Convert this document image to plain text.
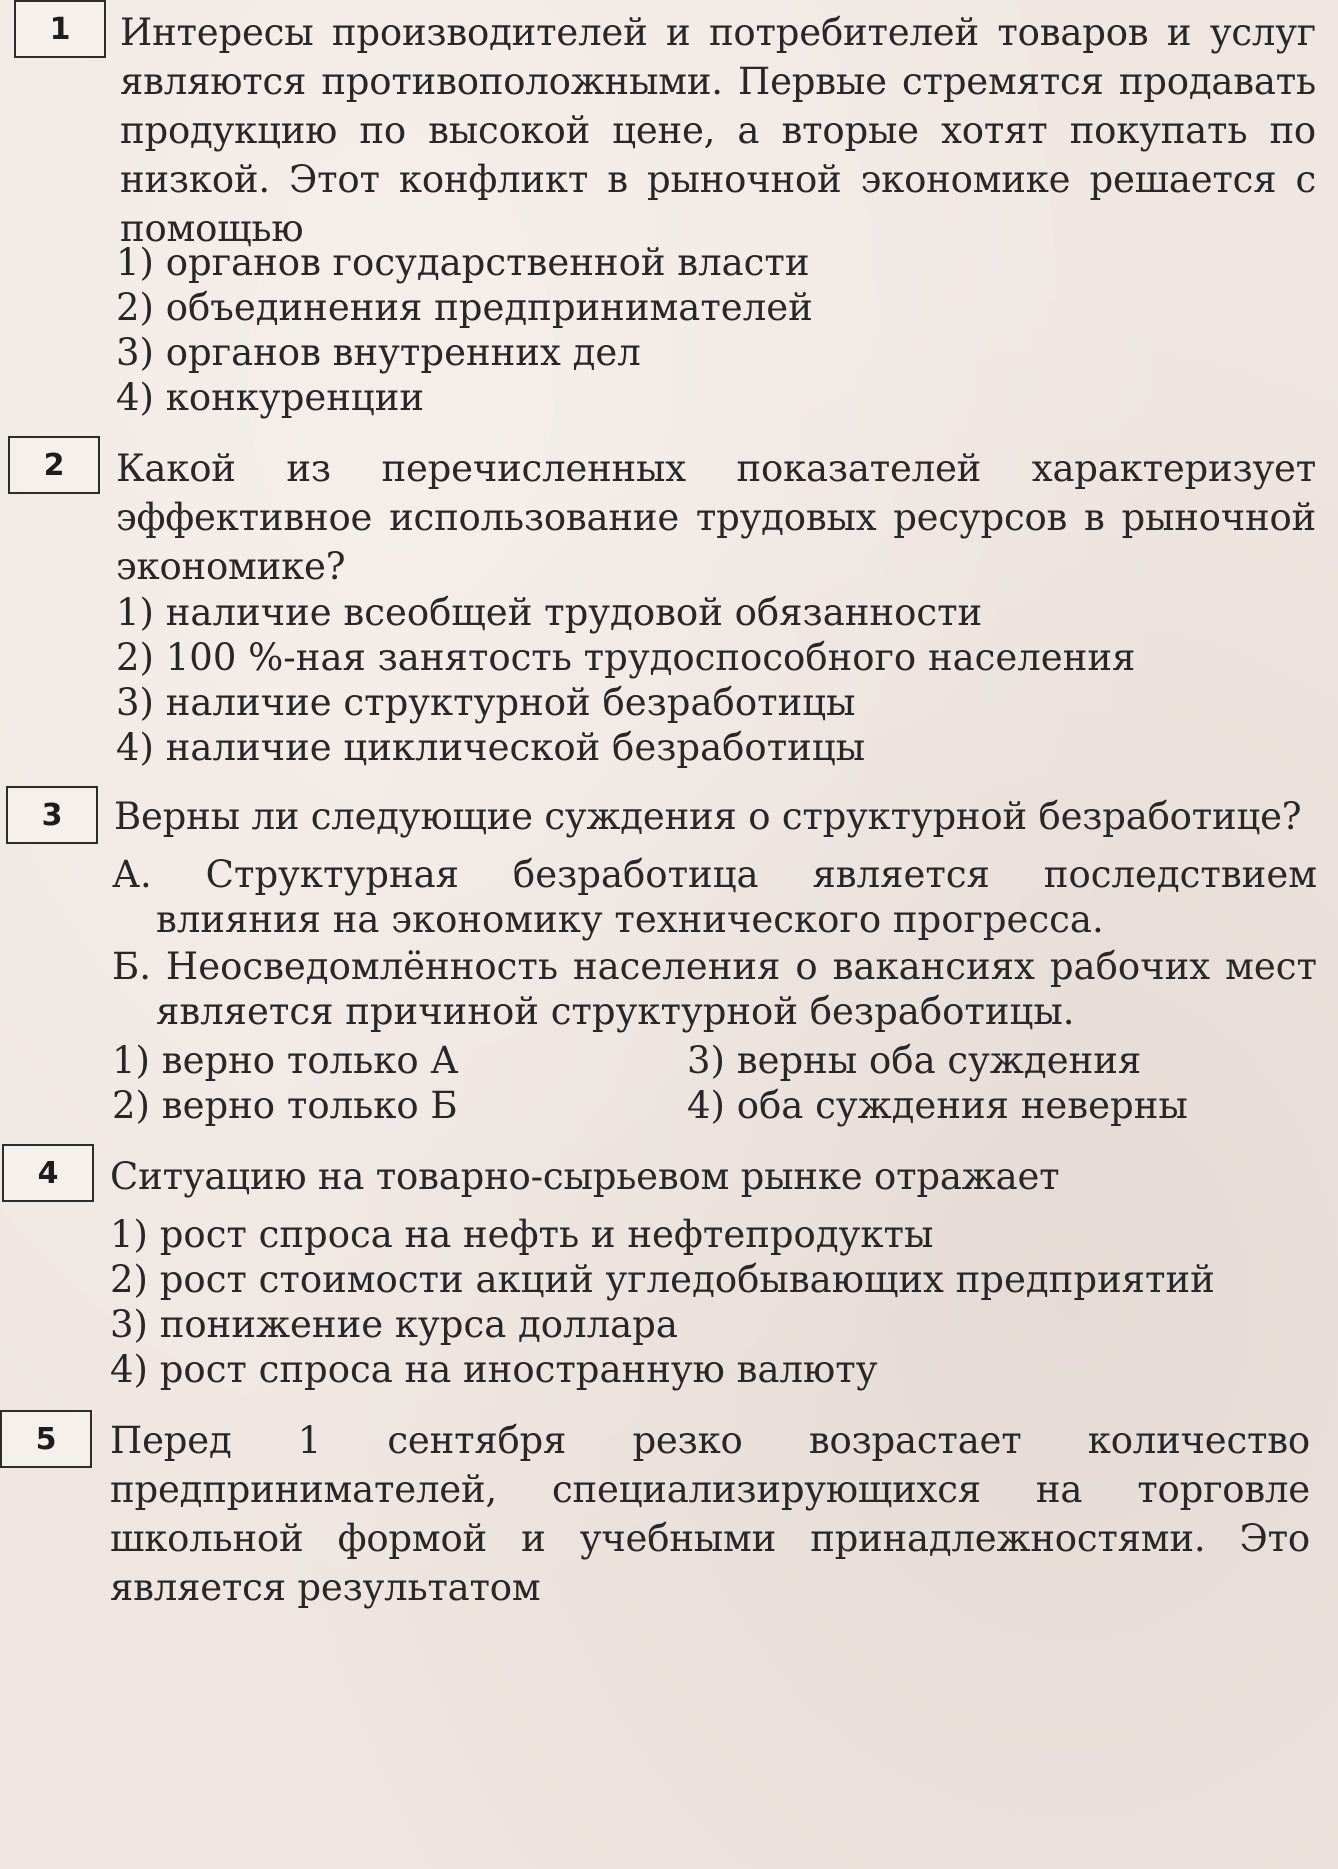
1	Интересы производителей и потребителей товаров и услуг являются противоположными. Первые стремятся продавать продукцию по высокой цене, а вторые хотят покупать по низкой. Этот конфликт в рыночной экономике решается с помощью

1) органов государственной власти
2) объединения предпринимателей
3) органов внутренних дел
4) конкуренции
2	Какой из перечисленных показателей характеризует эффективное использование трудовых ресурсов в рыночной экономике?

1) наличие всеобщей трудовой обязанности
2) 100 %-ная занятость трудоспособного населения
3) наличие структурной безработицы
4) наличие циклической безработицы
3	Верны ли следующие суждения о структурной безработице?

А. Структурная безработица является последствием влияния на экономику технического прогресса.
Б. Неосведомлённость населения о вакансиях рабочих мест является причиной структурной безработицы.
1) верно только А	3) верны оба суждения
2) верно только Б	4) оба суждения неверны
4	Ситуацию на товарно-сырьевом рынке отражает

1) рост спроса на нефть и нефтепродукты
2) рост стоимости акций угледобывающих предприятий
3) понижение курса доллара
4) рост спроса на иностранную валюту
5	Перед 1 сентября резко возрастает количество предпринимателей, специализирующихся на торговле школьной формой и учебными принадлежностями. Это является результатом
